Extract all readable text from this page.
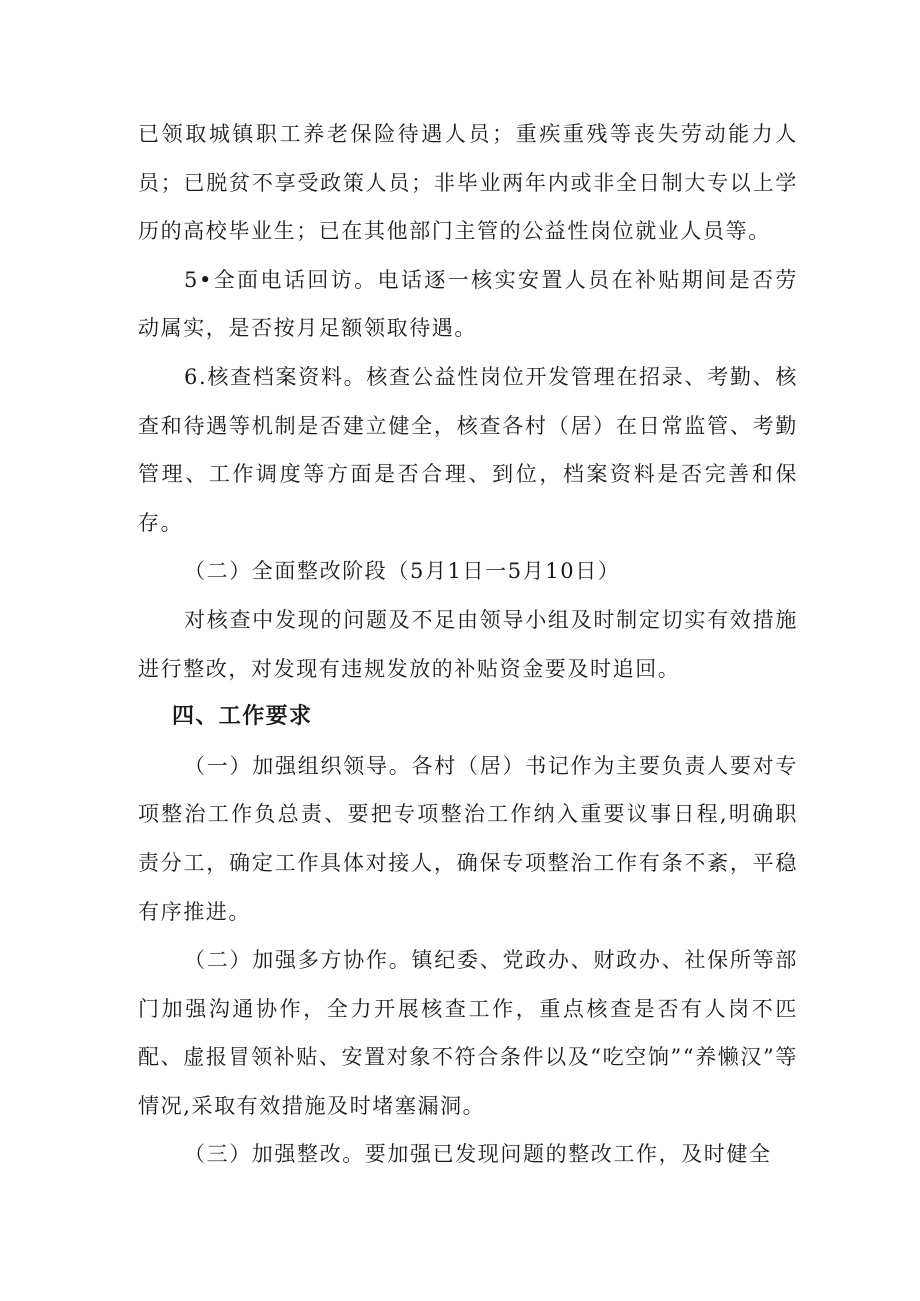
已领取城镇职工养老保险待遇人员；重疾重残等丧失劳动能力人员；已脱贫不享受政策人员；非毕业两年内或非全日制大专以上学历的高校毕业生；已在其他部门主管的公益性岗位就业人员等。

5•全面电话回访。电话逐一核实安置人员在补贴期间是否劳动属实，是否按月足额领取待遇。

6.核查档案资料。核查公益性岗位开发管理在招录、考勤、核查和待遇等机制是否建立健全，核查各村（居）在日常监管、考勤管理、工作调度等方面是否合理、到位，档案资料是否完善和保存。

（二）全面整改阶段（5月1日一5月10日）

对核查中发现的问题及不足由领导小组及时制定切实有效措施进行整改，对发现有违规发放的补贴资金要及时追回。

四、工作要求

（一）加强组织领导。各村（居）书记作为主要负责人要对专项整治工作负总责、要把专项整治工作纳入重要议事日程,明确职责分工，确定工作具体对接人，确保专项整治工作有条不紊，平稳有序推进。

（二）加强多方协作。镇纪委、党政办、财政办、社保所等部门加强沟通协作，全力开展核查工作，重点核查是否有人岗不匹配、虚报冒领补贴、安置对象不符合条件以及“吃空饷”“养懒汉”等情况,采取有效措施及时堵塞漏洞。

（三）加强整改。要加强已发现问题的整改工作，及时健全
